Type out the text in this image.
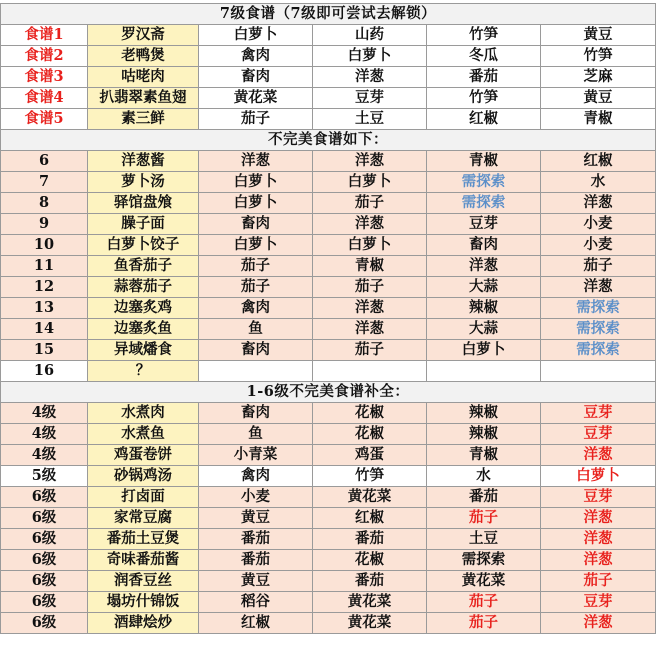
7级食谱（7级即可尝试去解锁）					
食谱1	罗汉斋	白萝卜	山药	竹笋	黄豆
食谱2	老鸭煲	禽肉	白萝卜	冬瓜	竹笋
食谱3	咕咾肉	畜肉	洋葱	番茄	芝麻
食谱4	扒翡翠素鱼翅	黄花菜	豆芽	竹笋	黄豆
食谱5	素三鲜	茄子	土豆	红椒	青椒
不完美食谱如下：					
6	洋葱酱	洋葱	洋葱	青椒	红椒
7	萝卜汤	白萝卜	白萝卜	需探索	水
8	驿馆盘飧	白萝卜	茄子	需探索	洋葱
9	臊子面	畜肉	洋葱	豆芽	小麦
10	白萝卜饺子	白萝卜	白萝卜	畜肉	小麦
11	鱼香茄子	茄子	青椒	洋葱	茄子
12	蒜蓉茄子	茄子	茄子	大蒜	洋葱
13	边塞炙鸡	禽肉	洋葱	辣椒	需探索
14	边塞炙鱼	鱼	洋葱	大蒜	需探索
15	异域燔食	畜肉	茄子	白萝卜	需探索
16	？				
1-6级不完美食谱补全：					
4级	水煮肉	畜肉	花椒	辣椒	豆芽
4级	水煮鱼	鱼	花椒	辣椒	豆芽
4级	鸡蛋卷饼	小青菜	鸡蛋	青椒	洋葱
5级	砂锅鸡汤	禽肉	竹笋	水	白萝卜
6级	打卤面	小麦	黄花菜	番茄	豆芽
6级	家常豆腐	黄豆	红椒	茄子	洋葱
6级	番茄土豆煲	番茄	番茄	土豆	洋葱
6级	奇味番茄酱	番茄	花椒	需探索	洋葱
6级	润香豆丝	黄豆	番茄	黄花菜	茄子
6级	塌坊什锦饭	稻谷	黄花菜	茄子	豆芽
6级	酒肆烩炒	红椒	黄花菜	茄子	洋葱
